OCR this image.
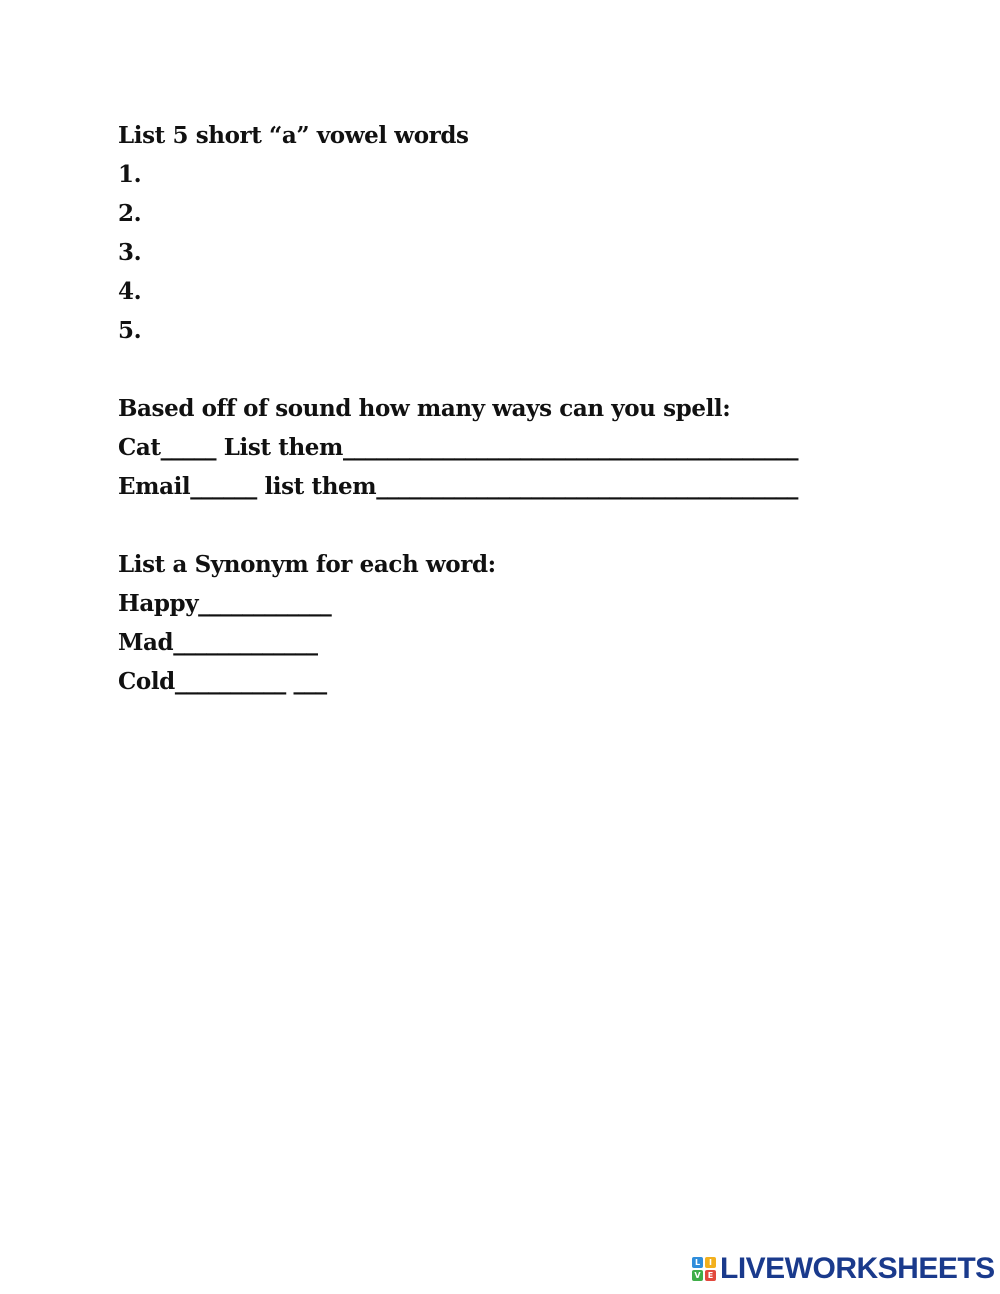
List 5 short “a” vowel words
1.
2.
3.
4.
5.
Based off of sound how many ways can you spell:
Cat_____ List them_________________________________________
Email______ list them______________________________________
List a Synonym for each word:
Happy____________
Mad_____________
Cold__________ ___
L	I
V E LIVEWORKSHEETS
